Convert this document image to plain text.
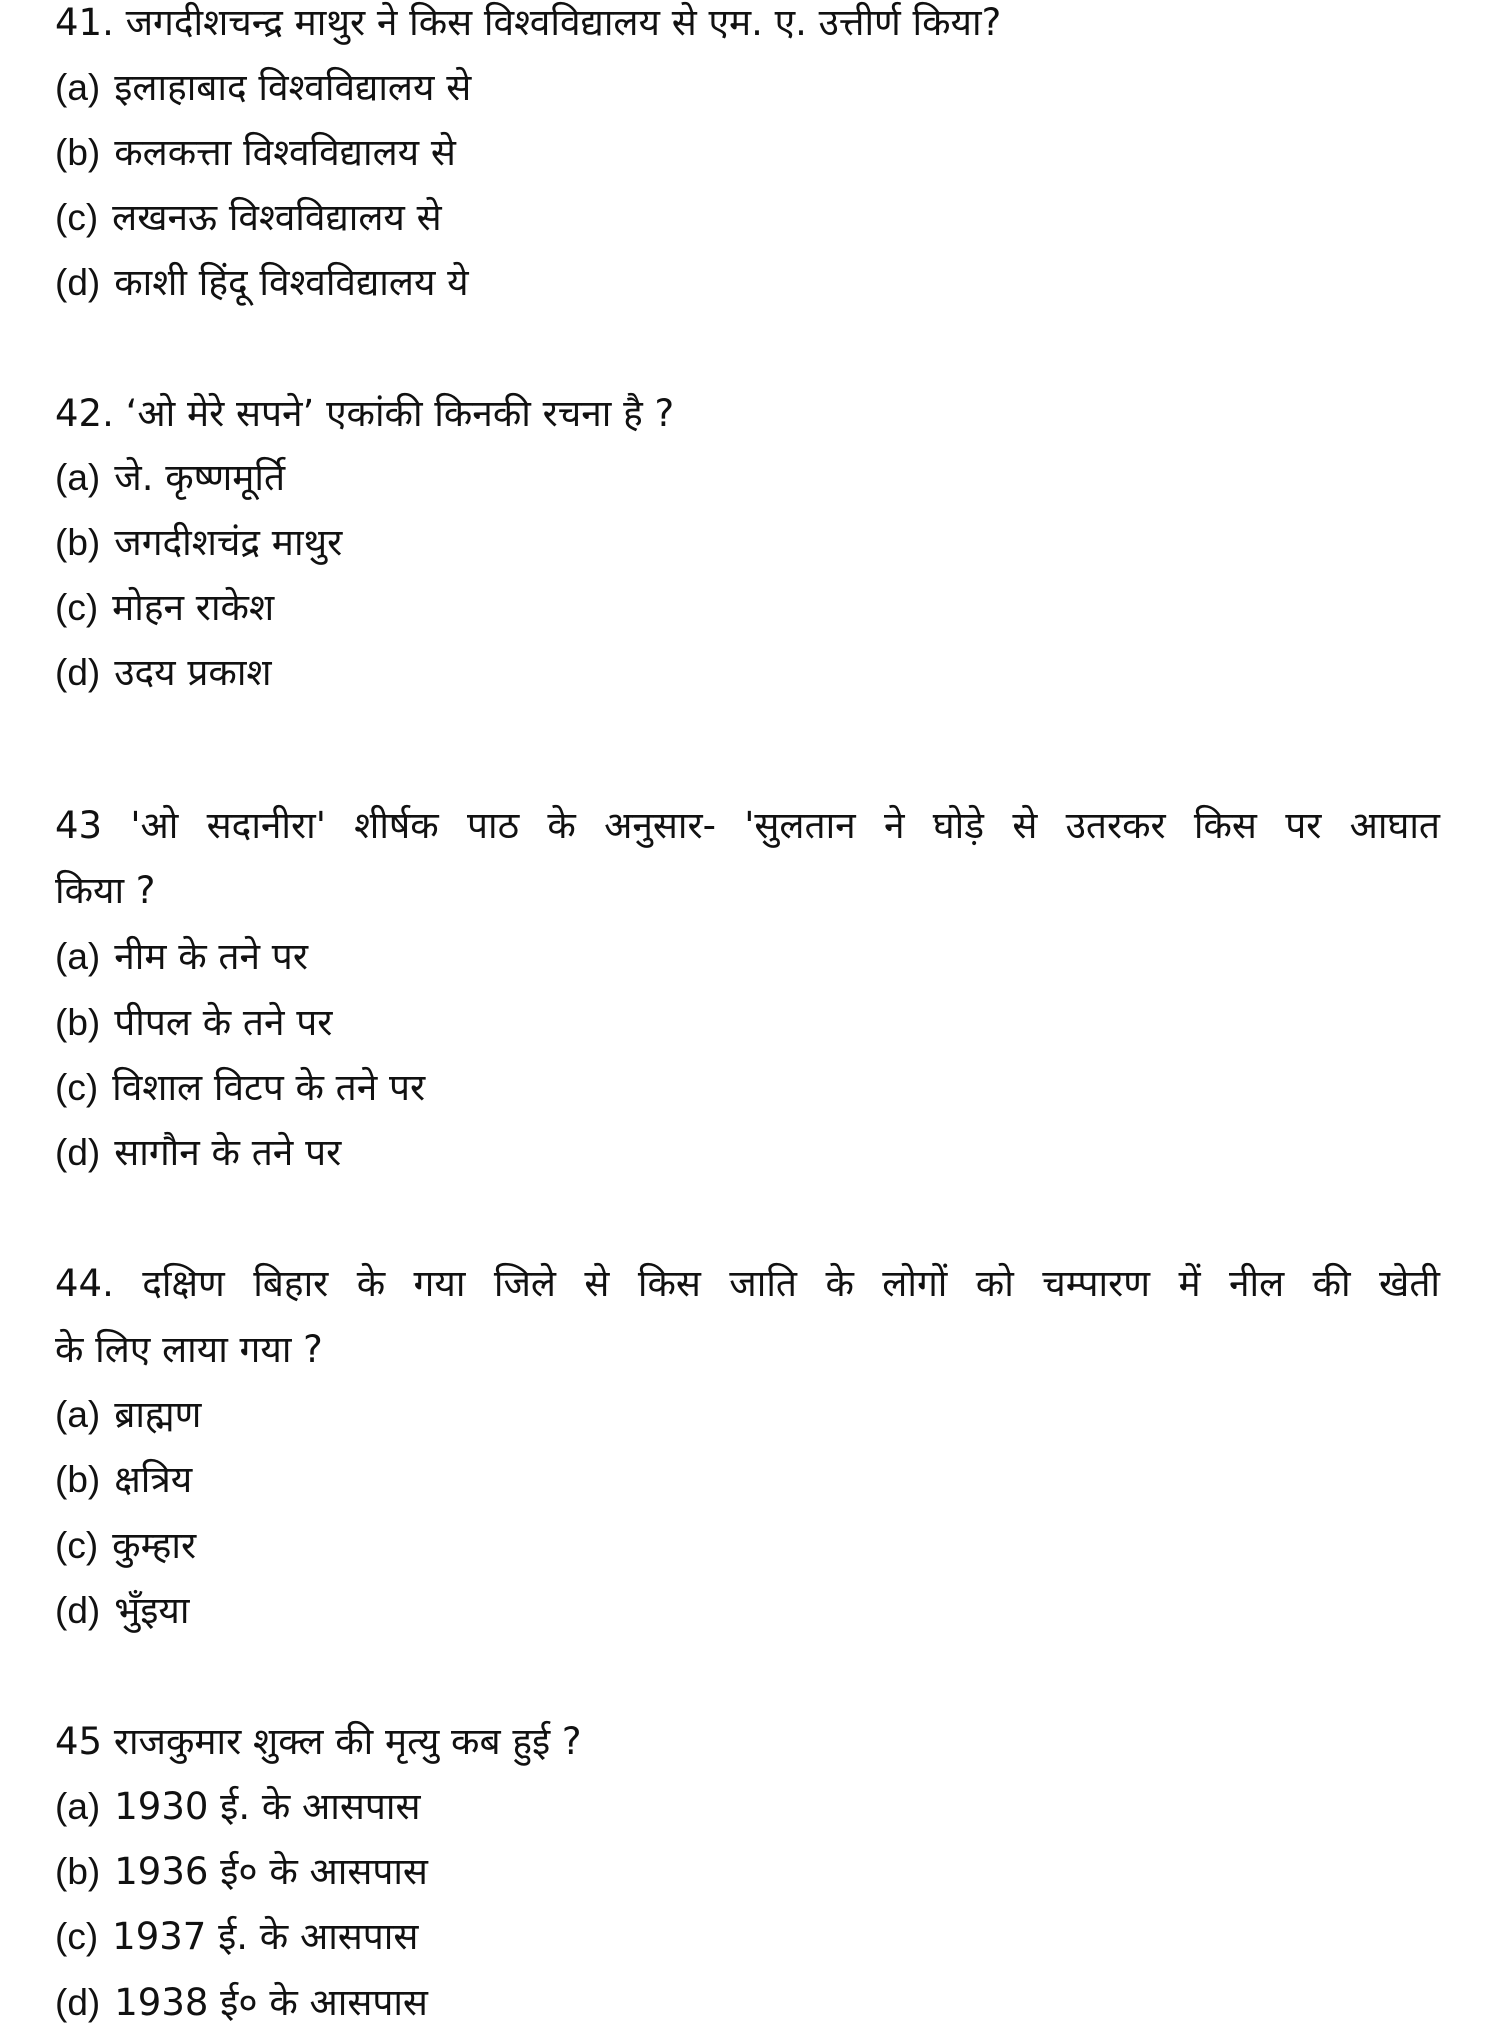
41. जगदीशचन्द्र माथुर ने किस विश्वविद्यालय से एम. ए. उत्तीर्ण किया?
(a) इलाहाबाद विश्वविद्यालय से
(b) कलकत्ता विश्वविद्यालय से
(c) लखनऊ विश्वविद्यालय से
(d) काशी हिंदू विश्वविद्यालय ये
42. ‘ओ मेरे सपने’ एकांकी किनकी रचना है ?
(a) जे. कृष्णमूर्ति
(b) जगदीशचंद्र माथुर
(c) मोहन राकेश
(d) उदय प्रकाश
43 'ओ सदानीरा' शीर्षक पाठ के अनुसार- 'सुलतान ने घोड़े से उतरकर किस पर आघात
किया ?
(a) नीम के तने पर
(b) पीपल के तने पर
(c) विशाल विटप के तने पर
(d) सागौन के तने पर
44. दक्षिण बिहार के गया जिले से किस जाति के लोगों को चम्पारण में नील की खेती
के लिए लाया गया ?
(a) ब्राह्मण
(b) क्षत्रिय
(c) कुम्हार
(d) भुँइया
45 राजकुमार शुक्ल की मृत्यु कब हुई ?
(a) 1930 ई. के आसपास
(b) 1936 ई० के आसपास
(c) 1937 ई. के आसपास
(d) 1938 ई० के आसपास
